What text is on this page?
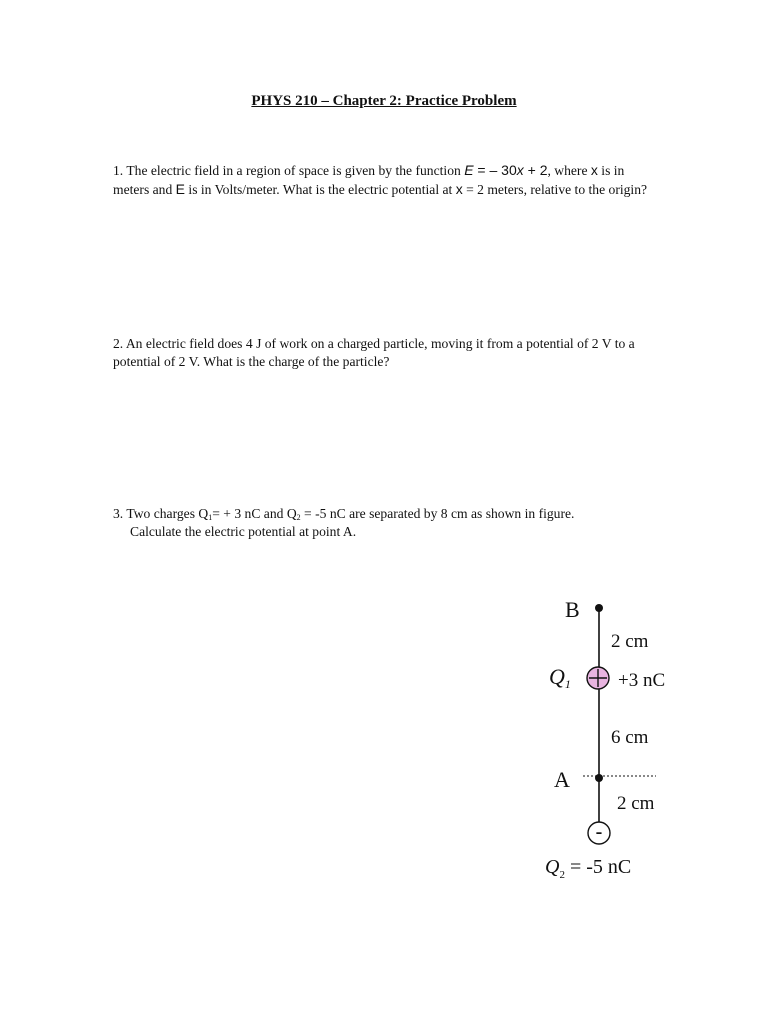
PHYS 210 – Chapter 2: Practice Problem
1. The electric field in a region of space is given by the function E = – 30x + 2, where x is in meters and E is in Volts/meter. What is the electric potential at x = 2 meters, relative to the origin?
2. An electric field does 4 J of work on a charged particle, moving it from a potential of 2 V to a potential of 2 V. What is the charge of the particle?
3. Two charges $Q_1= + 3$ nC and $Q_2 = -5$ nC are separated by 8 cm as shown in figure.
Calculate the electric potential at point A.
B
2 cm
Q1 +3 nC
6 cm
A
2 cm
-
$Q_2 = -5$ nC
